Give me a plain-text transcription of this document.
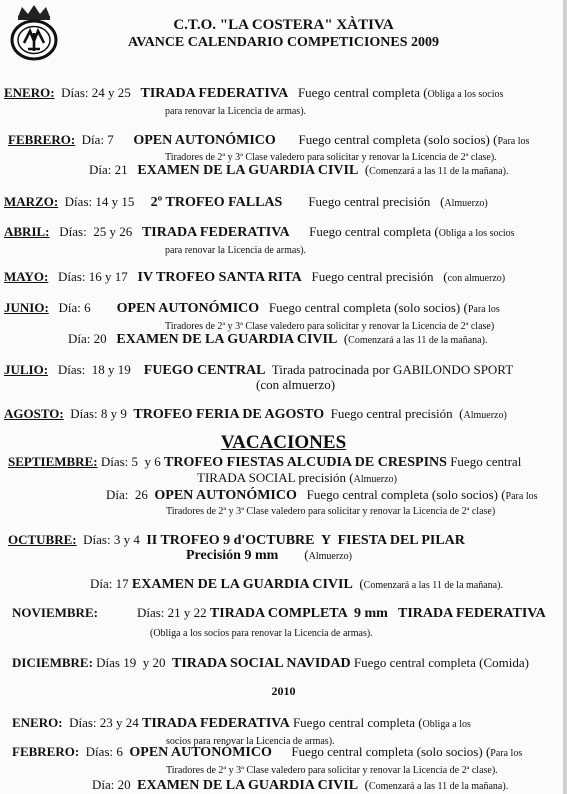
C.T.O. "LA COSTERA" XÀTIVA
AVANCE CALENDARIO COMPETICIONES 2009
ENERO:  Días: 24 y 25   TIRADA FEDERATIVA   Fuego central completa (Obliga a los socios
para renovar la Licencia de armas).
FEBRERO:  Día: 7      OPEN AUTONÓMICO       Fuego central completa (solo socios) (Para los
Tiradores de 2ª y 3ª Clase valedero para solicitar y renovar la Licencia de 2ª clase).
Día: 21   EXAMEN DE LA GUARDIA CIVIL  (Comenzará a las 11 de la mañana).
MARZO:  Días: 14 y 15     2º TROFEO FALLAS        Fuego central precisión   (Almuerzo)
ABRIL:   Días:  25 y 26   TIRADA FEDERATIVA      Fuego central completa (Obliga a los socios
para renovar la Licencia de armas).
MAYO:   Días: 16 y 17   IV TROFEO SANTA RITA   Fuego central precisión   (con almuerzo)
JUNIO:   Día: 6        OPEN AUTONÓMICO   Fuego central completa (solo socios) (Para los
Tiradores de 2ª y 3ª Clase valedero para solicitar y renovar la Licencia de 2ª clase)
Día: 20   EXAMEN DE LA GUARDIA CIVIL  (Comenzará a las 11 de la mañana).
JULIO:   Días:  18 y 19    FUEGO CENTRAL  Tirada patrocinada por GABILONDO SPORT
(con almuerzo)
AGOSTO:  Días: 8 y 9  TROFEO FERIA DE AGOSTO  Fuego central precisión  (Almuerzo)
SEPTIEMBRE: Días: 5  y 6 TROFEO FIESTAS ALCUDIA DE CRESPINS Fuego central
TIRADA SOCIAL precisión (Almuerzo)
Día:  26  OPEN AUTONÓMICO   Fuego central completa (solo socios) (Para los
Tiradores de 2ª y 3ª Clase valedero para solicitar y renovar la Licencia de 2ª clase)
OCTUBRE:  Días: 3 y 4  II TROFEO 9 d'OCTUBRE  Y  FIESTA DEL PILAR
Precisión 9 mm        (Almuerzo)
Día: 17 EXAMEN DE LA GUARDIA CIVIL  (Comenzará a las 11 de la mañana).
NOVIEMBRE:            Días: 21 y 22 TIRADA COMPLETA  9 mm   TIRADA FEDERATIVA
(Obliga a los socios para renovar la Licencia de armas).
DICIEMBRE: Días 19  y 20  TIRADA SOCIAL NAVIDAD Fuego central completa (Comida)
ENERO:  Días: 23 y 24 TIRADA FEDERATIVA Fuego central completa (Obliga a los
socios para renovar la Licencia de armas).
FEBRERO:  Días: 6  OPEN AUTONÓMICO      Fuego central completa (solo socios) (Para los
Tiradores de 2ª y 3ª Clase valedero para solicitar y renovar la Licencia de 2ª clase).
Día: 20  EXAMEN DE LA GUARDIA CIVIL  (Comenzará a las 11 de la mañana).
VACACIONES
2010
